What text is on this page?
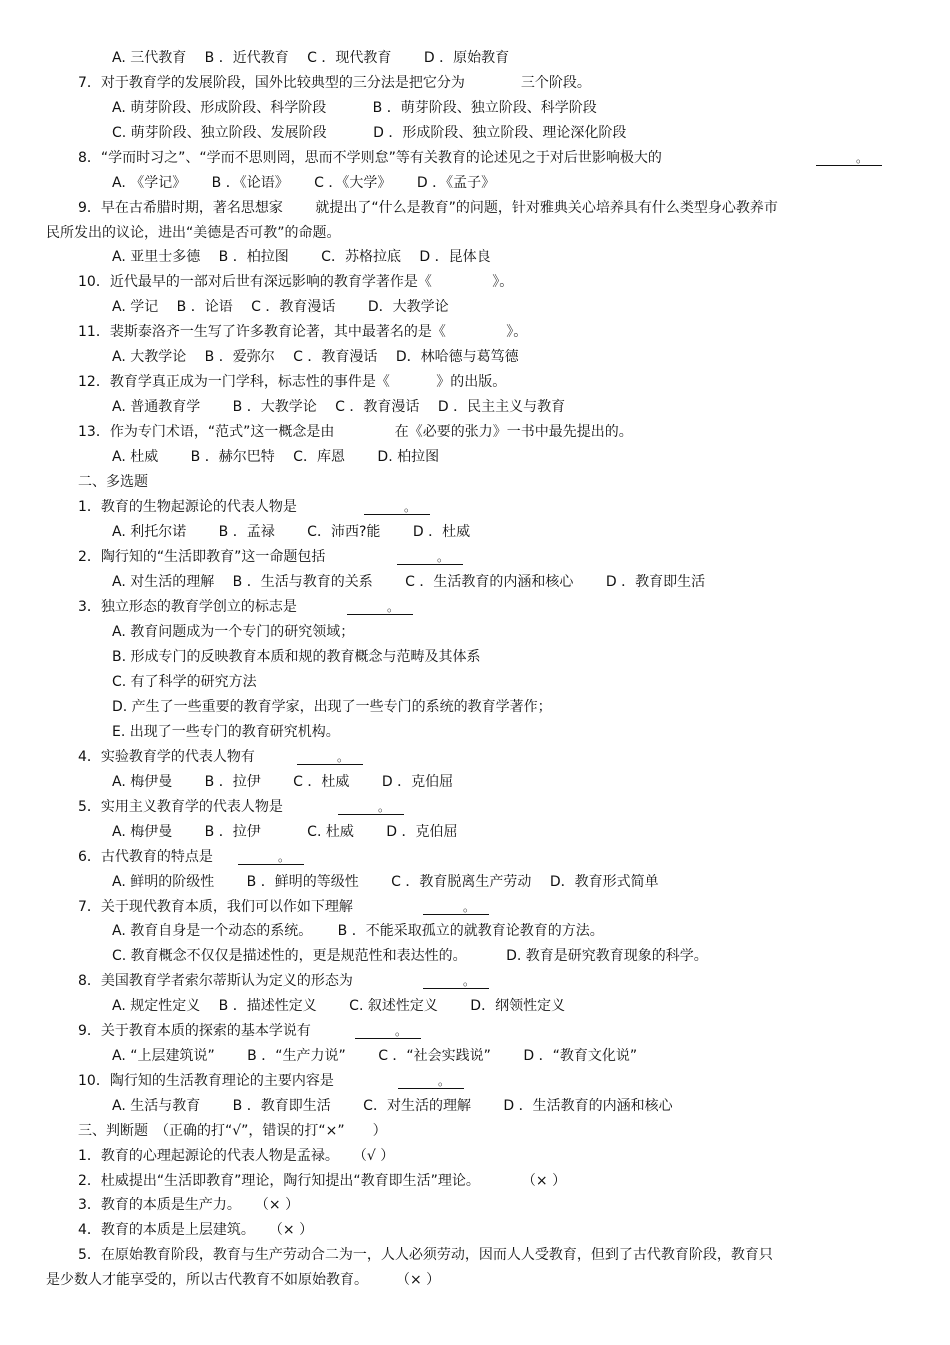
A. 三代教育　 B ．近代教育　 C ．现代教育　　 D ．原始教育
7．对于教育学的发展阶段，国外比较典型的三分法是把它分为　　　　三个阶段。
A. 萌芽阶段、形成阶段、科学阶段　　　 B ．萌芽阶段、独立阶段、科学阶段
C. 萌芽阶段、独立阶段、发展阶段　　　 D ．形成阶段、独立阶段、理论深化阶段
8．“学而时习之”、“学而不思则罔，思而不学则怠”等有关教育的论述见之于对后世影响极大的	。
A. 《学记》　　 B ．《论语》　　 C ．《大学》　　 D ．《孟子》
9．早在古希腊时期，著名思想家　　 就提出了“什么是教育”的问题，针对雅典关心培养具有什么类型身心教养市
民所发出的议论，进出“美德是否可教”的命题。
A. 亚里士多德　 B ．柏拉图　　 C．苏格拉底　 D ．昆体良
10．近代最早的一部对后世有深远影响的教育学著作是《　　　　 》。
A. 学记　 B ．论语　 C ．教育漫话　　 D．大教学论
11．裴斯泰洛齐一生写了许多教育论著，其中最著名的是《　　　　 》。
A. 大教学论　 B ．爱弥尔　 C ．教育漫话　 D．林哈德与葛笃德
12．教育学真正成为一门学科，标志性的事件是《　　　 》的出版。
A. 普通教育学　　 B ．大教学论　 C ．教育漫话　 D ．民主主义与教育
13．作为专门术语，“范式”这一概念是由　　　　 在《必要的张力》一书中最先提出的。
A. 杜威　　 B ．赫尔巴特　 C．库恩　　 D. 柏拉图
二、多选题
1．教育的生物起源论的代表人物是	。
A. 利托尔诺　　 B ．孟禄　　 C．沛西?能　　 D ．杜威
2．陶行知的“生活即教育”这一命题包括	。
A. 对生活的理解　 B ．生活与教育的关系　　 C ．生活教育的内涵和核心　　 D ．教育即生活
3．独立形态的教育学创立的标志是	。
A. 教育问题成为一个专门的研究领域；
B. 形成专门的反映教育本质和规的教育概念与范畴及其体系
C. 有了科学的研究方法
D. 产生了一些重要的教育学家，出现了一些专门的系统的教育学著作；
E. 出现了一些专门的教育研究机构。
4．实验教育学的代表人物有	。
A. 梅伊曼　　 B ．拉伊　　 C ．杜威　　 D ．克伯屈
5．实用主义教育学的代表人物是	。
A. 梅伊曼　　 B ．拉伊　　　 C. 杜威　　 D ．克伯屈
6．古代教育的特点是	。
A. 鲜明的阶级性　　 B ．鲜明的等级性　　 C ．教育脱离生产劳动　 D．教育形式简单
7．关于现代教育本质，我们可以作如下理解	。
A. 教育自身是一个动态的系统。　　 B ．不能采取孤立的就教育论教育的方法。
C. 教育概念不仅仅是描述性的，更是规范性和表达性的。　　　 D. 教育是研究教育现象的科学。
8．美国教育学者索尔蒂斯认为定义的形态为	。
A. 规定性定义　 B ．描述性定义　　 C. 叙述性定义　　 D．纲领性定义
9．关于教育本质的探索的基本学说有	。
A. “上层建筑说”　　 B ．“生产力说”　　 C ．“社会实践说”　　 D ．“教育文化说”
10．陶行知的生活教育理论的主要内容是	。
A. 生活与教育　　 B ．教育即生活　　 C．对生活的理解　　 D ．生活教育的内涵和核心
三、判断题　（正确的打“√”，错误的打“×”　　）
1．教育的心理起源论的代表人物是孟禄。　　（√ ）
2．杜威提出“生活即教育”理论，陶行知提出“教育即生活”理论。　　　　（× ）
3．教育的本质是生产力。　　（× ）
4．教育的本质是上层建筑。　　（× ）
5．在原始教育阶段，教育与生产劳动合二为一，人人必须劳动，因而人人受教育，但到了古代教育阶段，教育只
是少数人才能享受的，所以古代教育不如原始教育。　　　（× ）
